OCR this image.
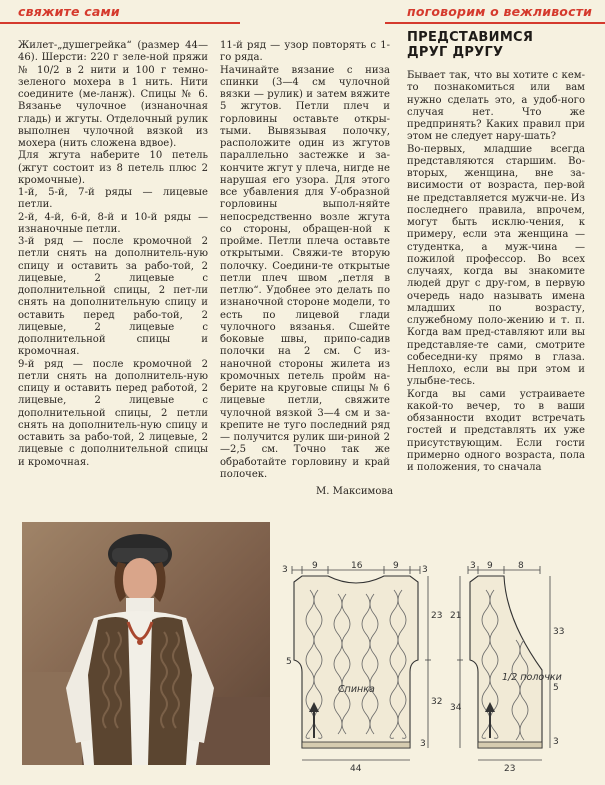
свяжите сами	поговорим о вежливости
Жилет-„душегрейка“ (размер 44—46). Шерсти: 220 г зеле-ной пряжи № 10/2 в 2 нити и 100 г темно-зеленого мохера в 1 нить. Нити соедините (ме-ланж). Спицы № 6. Вязанье чулочное (изнаночная гладь) и жгуты. Отделочный рулик выполнен чулочной вязкой из мохера (нить сложена вдвое).
Для жгута наберите 10 петель (жгут состоит из 8 петель плюс 2 кромочные).
1-й, 5-й, 7-й ряды — лицевые петли.
2-й, 4-й, 6-й, 8-й и 10-й ряды — изнаночные петли.
3-й ряд — после кромочной 2 петли снять на дополнитель-ную спицу и оставить за рабо-той, 2 лицевые, 2 лицевые с дополнительной спицы, 2 пет-ли снять на дополнительную спицу и оставить перед рабо-той, 2 лицевые, 2 лицевые с дополнительной спицы и кромочная.
9-й ряд — после кромочной 2 петли снять на дополнитель-ную спицу и оставить перед работой, 2 лицевые, 2 лицевые с дополнительной спицы, 2 петли снять на дополнитель-ную спицу и оставить за рабо-той, 2 лицевые, 2 лицевые с дополнительной спицы и кромочная.
11-й ряд — узор повторять с 1-го ряда.
Начинайте вязание с низа спинки (3—4 см чулочной вязки — рулик) и затем вяжите 5 жгутов. Петли плеч и горловины оставьте откры-тыми. Вывязывая полочку, расположите один из жгутов параллельно застежке и за-кончите жгут у плеча, нигде не нарушая его узора. Для этого все убавления для У-образной горловины выпол-няйте непосредственно возле жгута со стороны, обращен-ной к пройме. Петли плеча оставьте открытыми. Свяжи-те вторую полочку. Соедини-те открытые петли плеч швом „петля в петлю“. Удобнее это делать по изнаночной стороне модели, то есть по лицевой глади чулочного вязанья. Сшейте боковые швы, припо-садив полочки на 2 см. С из-наночной стороны жилета из кромочных петель пройм на-берите на круговые спицы № 6 лицевые петли, свяжите чулочной вязкой 3—4 см и за-крепите не туго последний ряд — получится рулик ши-риной 2—2,5 см. Точно так же обработайте горловину и край полочек.
М. Максимова
ПРЕДСТАВИМСЯ
ДРУГ ДРУГУ
Бывает так, что вы хотите с кем-то познакомиться или вам нужно сделать это, а удоб-ного случая нет. Что же предпринять? Каких правил при этом не следует нару-шать?
Во-первых, младшие всегда представляются старшим. Во-вторых, женщина, вне за-висимости от возраста, пер-вой не представляется мужчи-не. Из последнего правила, впрочем, могут быть исклю-чения, к примеру, если эта женщина — студентка, а муж-чина — пожилой профессор. Во всех случаях, когда вы знакомите людей друг с дру-гом, в первую очередь надо называть имена младших по возрасту, служебному поло-жению и т. п. Когда вам пред-ставляют или вы представляе-те сами, смотрите собеседни-ку прямо в глаза. Неплохо, если вы при этом и улыбне-тесь.
Когда вы сами устраиваете какой-то вечер, то в ваши обязанности входит встречать гостей и представлять их уже присутствующим. Если гости примерно одного возраста, пола и положения, то сначала
3	9	16	9	3
Спинка
23
32
5
3
44
3 9	8
1/2 полочки
21
34
33
5
3
23
